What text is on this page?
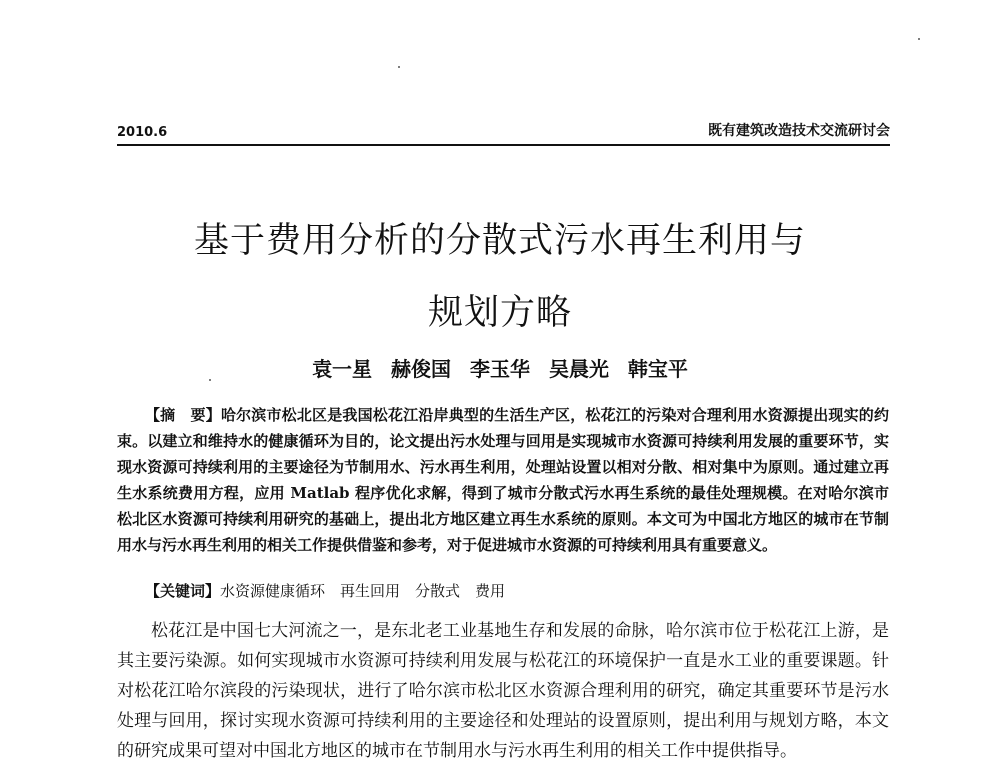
2010.6	既有建筑改造技术交流研讨会
基于费用分析的分散式污水再生利用与
规划方略
袁一星 赫俊国 李玉华 吴晨光 韩宝平

【摘　要】哈尔滨市松北区是我国松花江沿岸典型的生活生产区，松花江的污染对合理利用水资源提出现实的约束。以建立和维持水的健康循环为目的，论文提出污水处理与回用是实现城市水资源可持续利用发展的重要环节，实现水资源可持续利用的主要途径为节制用水、污水再生利用，处理站设置以相对分散、相对集中为原则。通过建立再生水系统费用方程，应用 Matlab 程序优化求解，得到了城市分散式污水再生系统的最佳处理规模。在对哈尔滨市松北区水资源可持续利用研究的基础上，提出北方地区建立再生水系统的原则。本文可为中国北方地区的城市在节制用水与污水再生利用的相关工作提供借鉴和参考，对于促进城市水资源的可持续利用具有重要意义。

【关键词】水资源健康循环　再生回用　分散式　费用

松花江是中国七大河流之一，是东北老工业基地生存和发展的命脉，哈尔滨市位于松花江上游，是其主要污染源。如何实现城市水资源可持续利用发展与松花江的环境保护一直是水工业的重要课题。针对松花江哈尔滨段的污染现状，进行了哈尔滨市松北区水资源合理利用的研究，确定其重要环节是污水处理与回用，探讨实现水资源可持续利用的主要途径和处理站的设置原则，提出利用与规划方略，本文的研究成果可望对中国北方地区的城市在节制用水与污水再生利用的相关工作中提供指导。
